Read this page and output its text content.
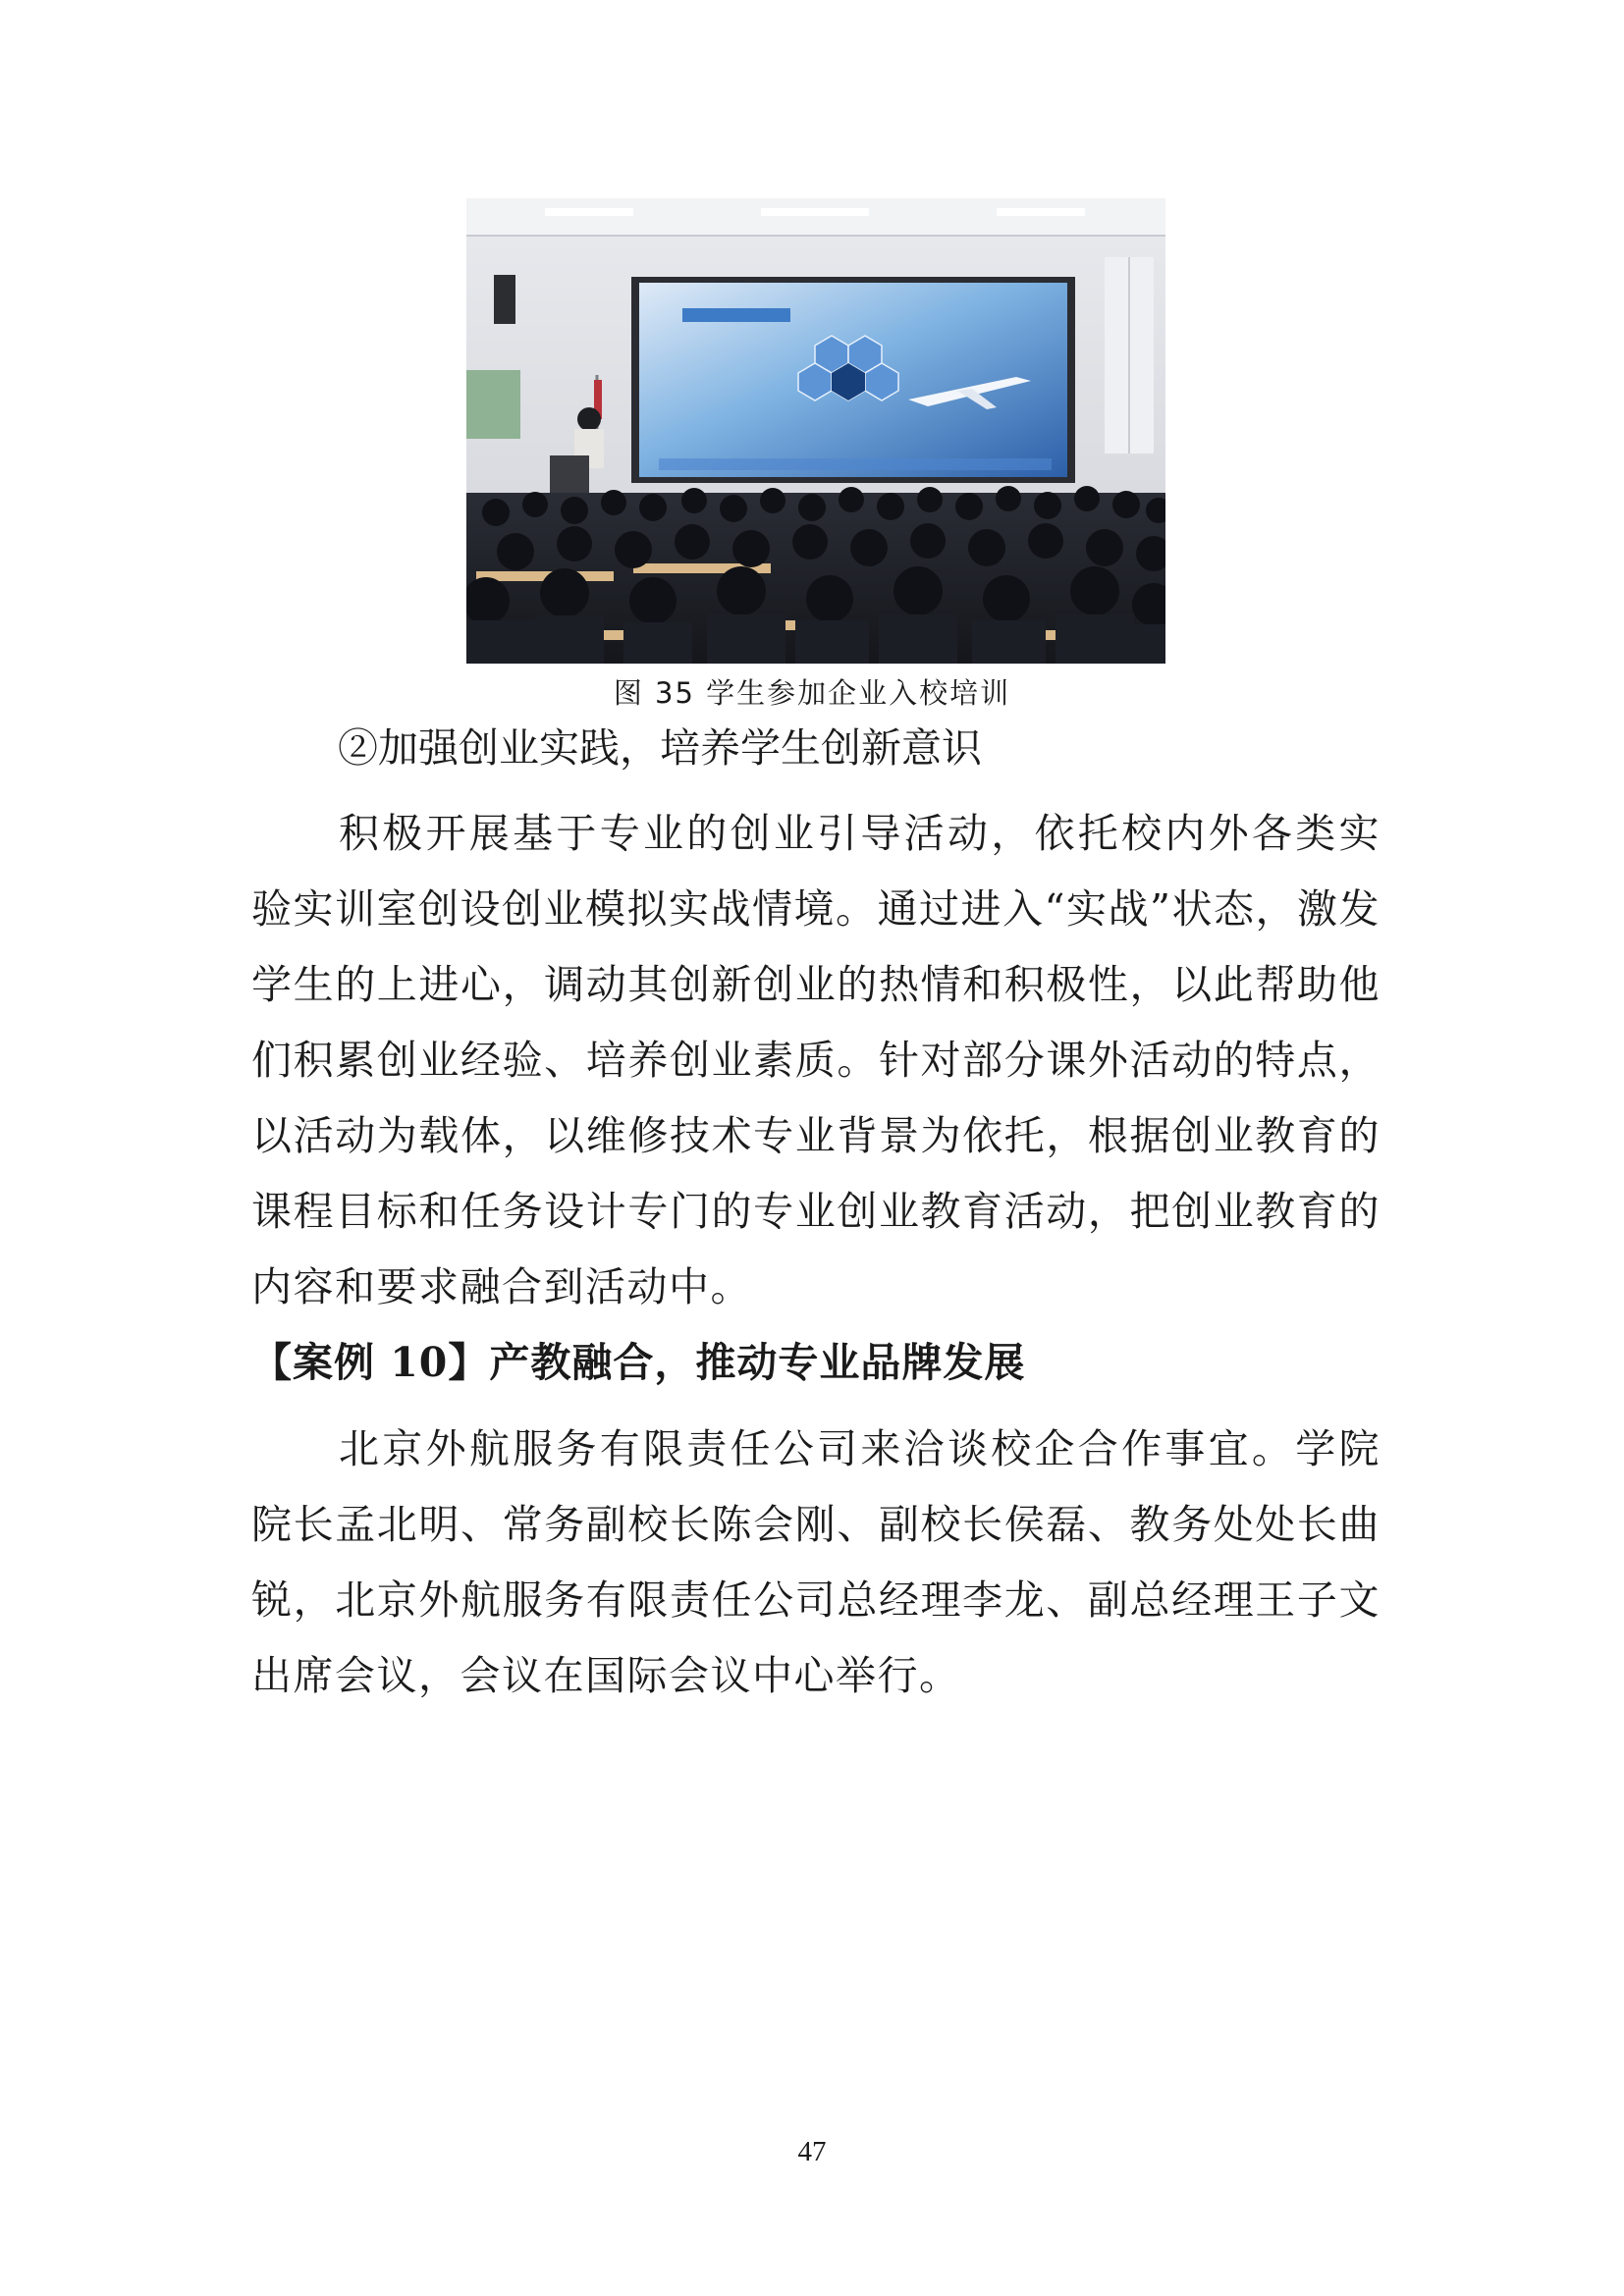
图 35 学生参加企业入校培训
②加强创业实践，培养学生创新意识

积极开展基于专业的创业引导活动，依托校内外各类实验实训室创设创业模拟实战情境。通过进入“实战”状态，激发学生的上进心，调动其创新创业的热情和积极性，以此帮助他们积累创业经验、培养创业素质。针对部分课外活动的特点，以活动为载体，以维修技术专业背景为依托，根据创业教育的课程目标和任务设计专门的专业创业教育活动，把创业教育的内容和要求融合到活动中。

【案例 10】产教融合，推动专业品牌发展

北京外航服务有限责任公司来洽谈校企合作事宜。学院院长孟北明、常务副校长陈会刚、副校长侯磊、教务处处长曲锐，北京外航服务有限责任公司总经理李龙、副总经理王子文出席会议，会议在国际会议中心举行。

47
